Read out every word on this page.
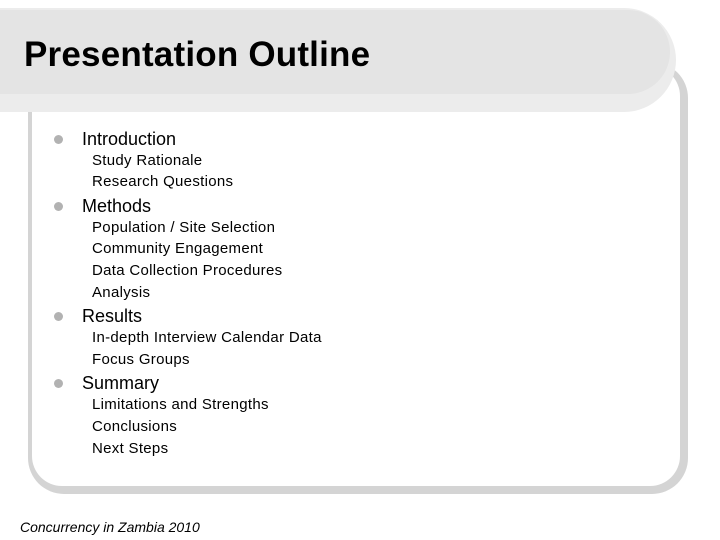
Presentation Outline
Introduction
Study Rationale
Research Questions
Methods
Population / Site Selection
Community Engagement
Data Collection Procedures
Analysis
Results
In-depth Interview Calendar Data
Focus Groups
Summary
Limitations and Strengths
Conclusions
Next Steps
Concurrency in Zambia 2010
